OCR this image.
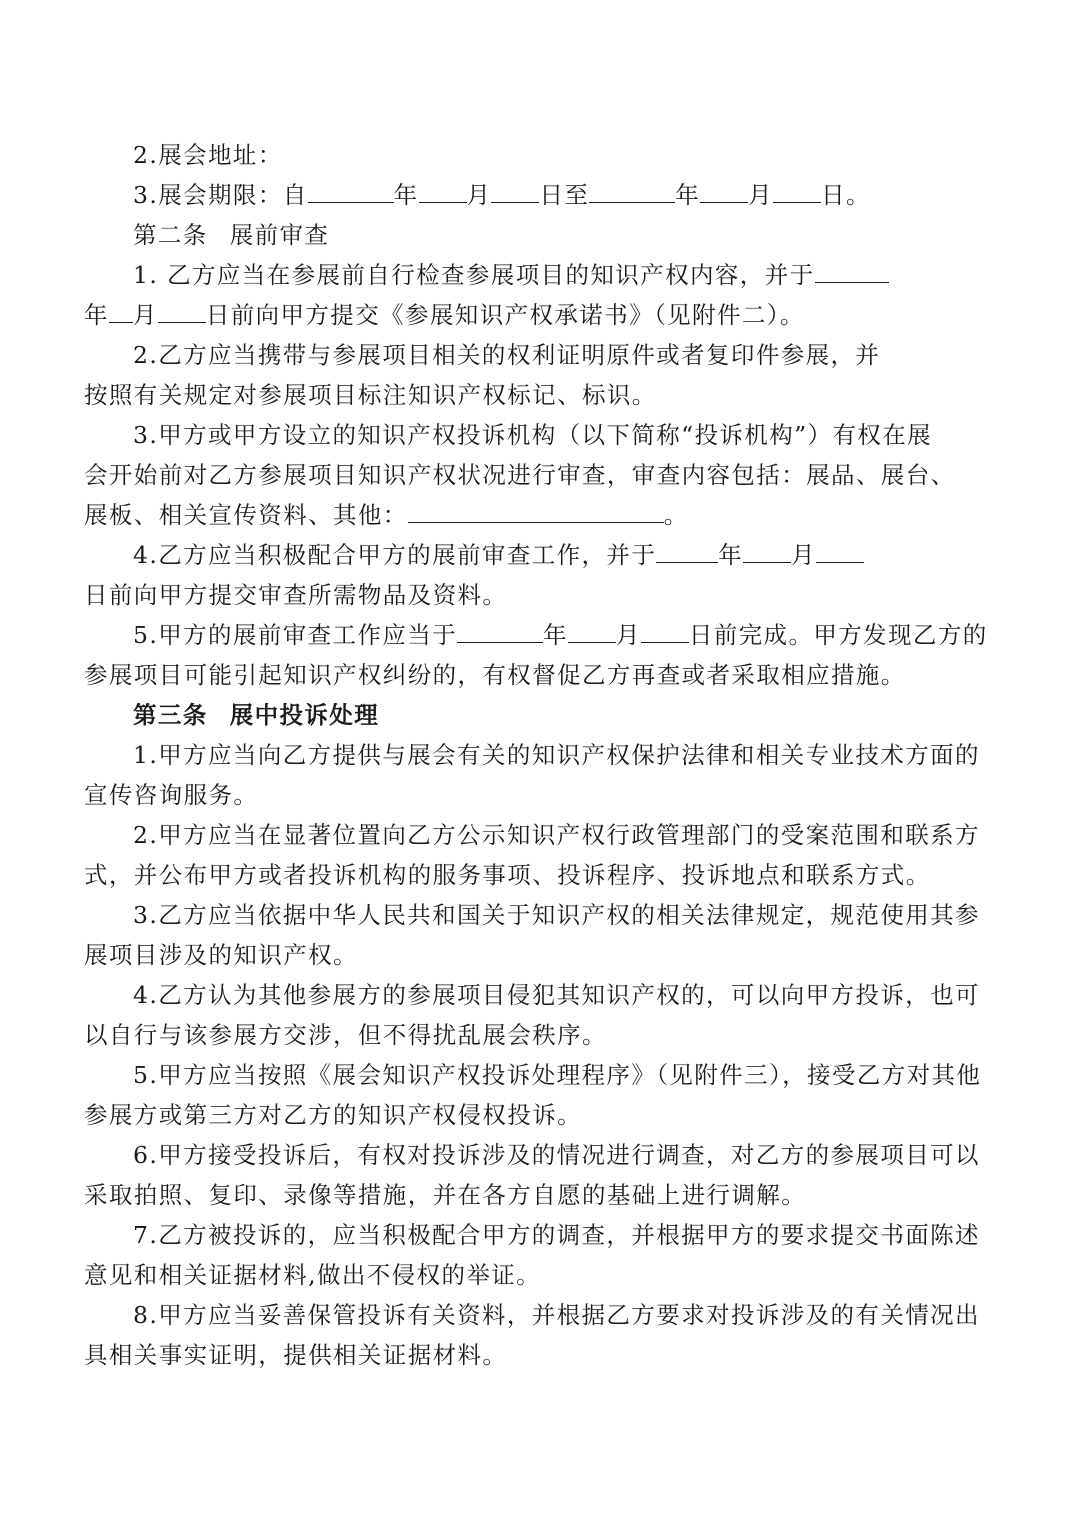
2.展会地址：
3.展会期限：自	年 月 日至	年 月 日。
第二条 展前审查
1. 乙方应当在参展前自行检查参展项目的知识产权内容，并于
年 月 日前向甲方提交《参展知识产权承诺书》（见附件二）。
2.乙方应当携带与参展项目相关的权利证明原件或者复印件参展，并
按照有关规定对参展项目标注知识产权标记、标识。
3.甲方或甲方设立的知识产权投诉机构（以下简称“投诉机构”）有权在展
会开始前对乙方参展项目知识产权状况进行审查，审查内容包括：展品、展台、
展板、相关宣传资料、其他：	。
4.乙方应当积极配合甲方的展前审查工作，并于	年 月
日前向甲方提交审查所需物品及资料。
5.甲方的展前审查工作应当于	年 月 日前完成。甲方发现乙方的
参展项目可能引起知识产权纠纷的，有权督促乙方再查或者采取相应措施。
第三条 展中投诉处理
1.甲方应当向乙方提供与展会有关的知识产权保护法律和相关专业技术方面的
宣传咨询服务。
2.甲方应当在显著位置向乙方公示知识产权行政管理部门的受案范围和联系方
式，并公布甲方或者投诉机构的服务事项、投诉程序、投诉地点和联系方式。
3.乙方应当依据中华人民共和国关于知识产权的相关法律规定，规范使用其参
展项目涉及的知识产权。
4.乙方认为其他参展方的参展项目侵犯其知识产权的，可以向甲方投诉，也可
以自行与该参展方交涉，但不得扰乱展会秩序。
5.甲方应当按照《展会知识产权投诉处理程序》（见附件三），接受乙方对其他
参展方或第三方对乙方的知识产权侵权投诉。
6.甲方接受投诉后，有权对投诉涉及的情况进行调查，对乙方的参展项目可以
采取拍照、复印、录像等措施，并在各方自愿的基础上进行调解。
7.乙方被投诉的，应当积极配合甲方的调查，并根据甲方的要求提交书面陈述
意见和相关证据材料,做出不侵权的举证。
8.甲方应当妥善保管投诉有关资料，并根据乙方要求对投诉涉及的有关情况出
具相关事实证明，提供相关证据材料。
